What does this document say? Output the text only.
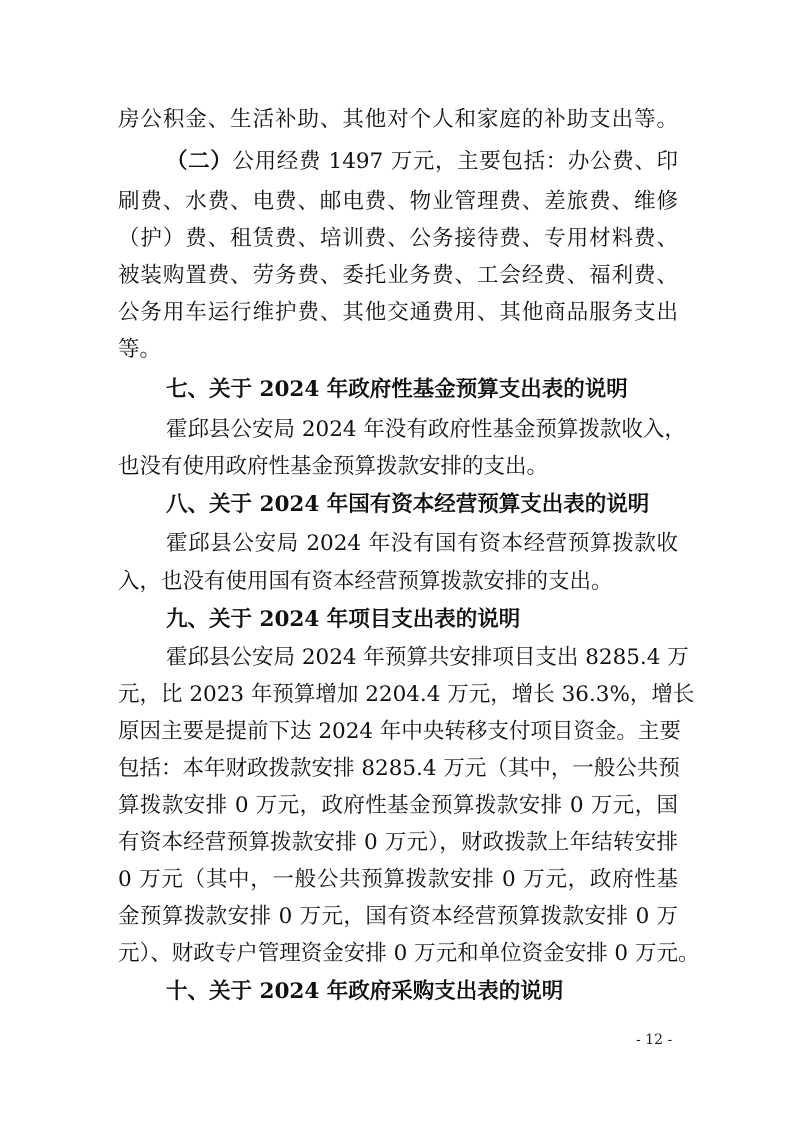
房公积金、生活补助、其他对个人和家庭的补助支出等。
（二）公用经费 1497 万元，主要包括：办公费、印
刷费、水费、电费、邮电费、物业管理费、差旅费、维修
（护）费、租赁费、培训费、公务接待费、专用材料费、
被装购置费、劳务费、委托业务费、工会经费、福利费、
公务用车运行维护费、其他交通费用、其他商品服务支出
等。
七、关于 2024 年政府性基金预算支出表的说明
霍邱县公安局 2024 年没有政府性基金预算拨款收入，
也没有使用政府性基金预算拨款安排的支出。
八、关于 2024 年国有资本经营预算支出表的说明
霍邱县公安局 2024 年没有国有资本经营预算拨款收
入，也没有使用国有资本经营预算拨款安排的支出。
九、关于 2024 年项目支出表的说明
霍邱县公安局 2024 年预算共安排项目支出 8285.4 万
元，比 2023 年预算增加 2204.4 万元，增长 36.3%，增长
原因主要是提前下达 2024 年中央转移支付项目资金。主要
包括：本年财政拨款安排 8285.4 万元（其中，一般公共预
算拨款安排 0 万元，政府性基金预算拨款安排 0 万元，国
有资本经营预算拨款安排 0 万元），财政拨款上年结转安排
0 万元（其中，一般公共预算拨款安排 0 万元，政府性基
金预算拨款安排 0 万元，国有资本经营预算拨款安排 0 万
元）、财政专户管理资金安排 0 万元和单位资金安排 0 万元。
十、关于 2024 年政府采购支出表的说明
- 12 -
